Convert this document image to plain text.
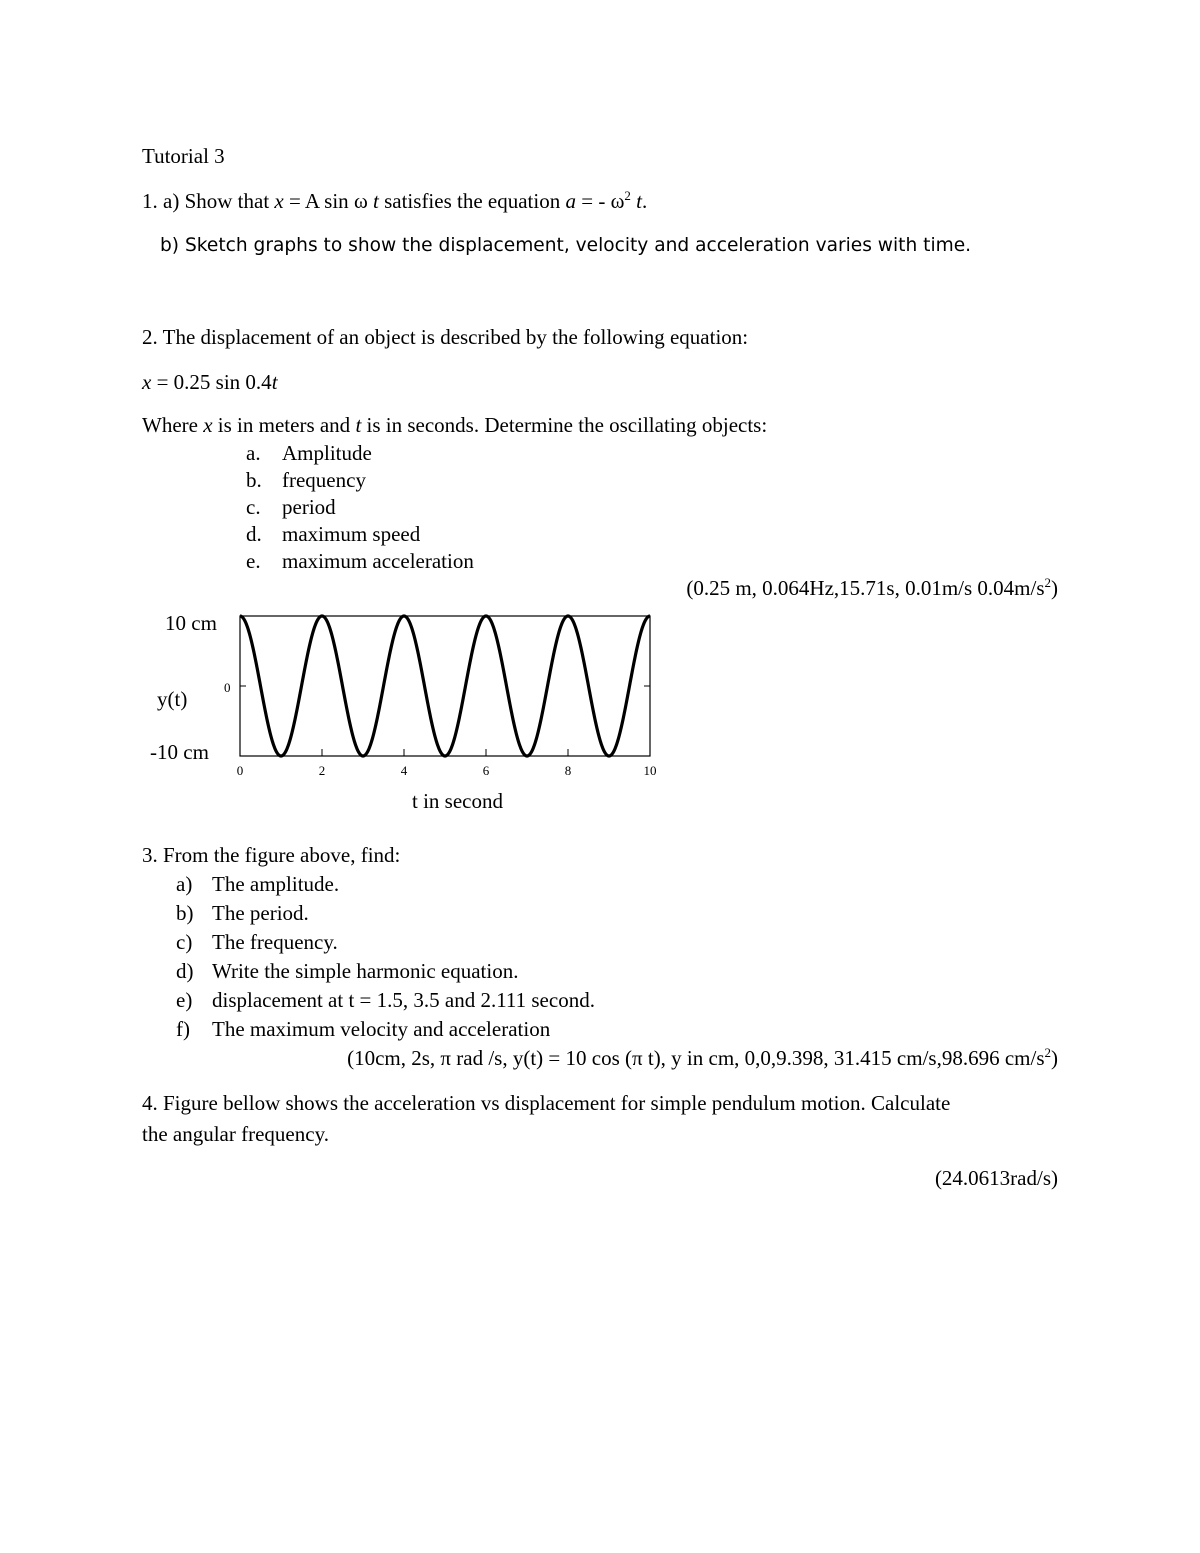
Tutorial 3
1. a) Show that x = A sin ω t satisfies the equation a = - $\omega^2$ t.
b) Sketch graphs to show the displacement, velocity and acceleration varies with time.
2. The displacement of an object is described by the following equation:
x = 0.25 sin 0.4t
Where x is in meters and t is in seconds. Determine the oscillating objects:
a. Amplitude
b. frequency
c. period
d. maximum speed
e. maximum acceleration
(0.25 m, 0.064Hz,15.71s, 0.01m/s $0.04m/s^2$)
10 cm
-10 cm
y(t)	0
0	2	4	6	8	10
t in second
3. From the figure above, find:
a) The amplitude.
b) The period.
c) The frequency.
d) Write the simple harmonic equation.
e) displacement at t = 1.5, 3.5 and 2.111 second.
f) The maximum velocity and acceleration
(10cm, 2s, π rad /s, y(t) = 10 cos (π t), y in cm, 0,0,9.398, 31.415 cm/s,98.696 $cm/s^2$)
4. Figure bellow shows the acceleration vs displacement for simple pendulum motion. Calculate
the angular frequency.
(24.0613rad/s)
